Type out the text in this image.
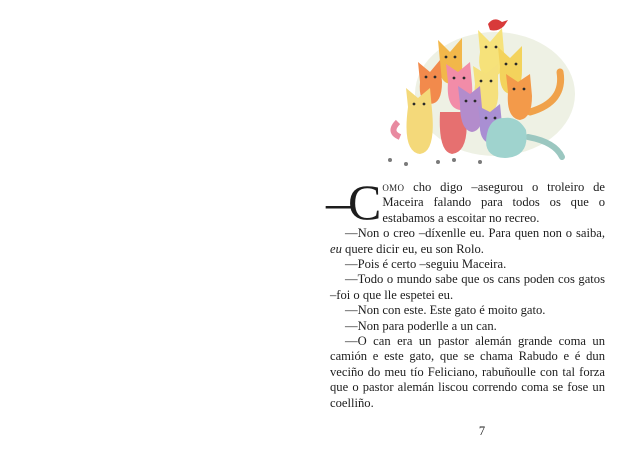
–C omo cho digo –asegurou o troleiro de Maceira falando para todos os que o estabamos a escoitar no recreo.

—Non o creo –díxenlle eu. Para quen non o saiba, eu quere dicir eu, eu son Rolo.

—Pois é certo –seguiu Maceira.

—Todo o mundo sabe que os cans poden cos gatos –foi o que lle espetei eu.

—Non con este. Este gato é moito gato.

—Non para poderlle a un can.

—O can era un pastor alemán grande coma un camión e este gato, que se chama Rabudo e é dun veciño do meu tío Feliciano, rabuñoulle con tal forza que o pastor alemán liscou correndo coma se fose un coelliño.

7
